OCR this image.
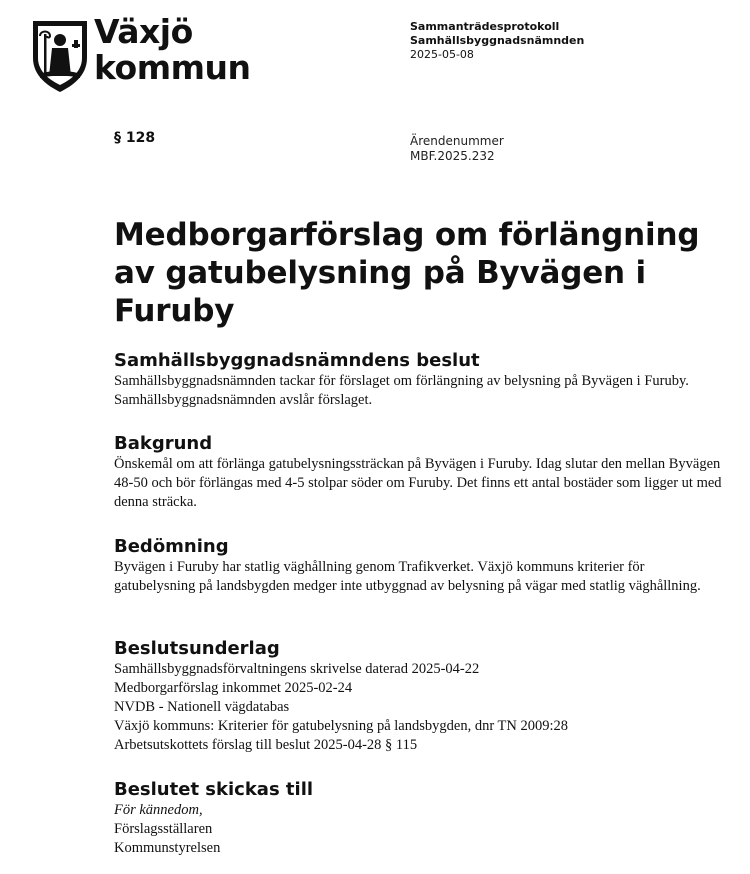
Växjö
kommun
Sammanträdesprotokoll
Samhällsbyggnadsnämnden
2025-05-08
§ 128	Ärendenummer
MBF.2025.232
Medborgarförslag om förlängning av gatubelysning på Byvägen i Furuby
Samhällsbyggnadsnämndens beslut

Samhällsbyggnadsnämnden tackar för förslaget om förlängning av belysning på Byvägen i Furuby. Samhällsbyggnadsnämnden avslår förslaget.

Bakgrund

Önskemål om att förlänga gatubelysningssträckan på Byvägen i Furuby. Idag slutar den mellan Byvägen 48-50 och bör förlängas med 4-5 stolpar söder om Furuby. Det finns ett antal bostäder som ligger ut med denna sträcka.

Bedömning

Byvägen i Furuby har statlig väghållning genom Trafikverket. Växjö kommuns kriterier för gatubelysning på landsbygden medger inte utbyggnad av belysning på vägar med statlig väghållning.

Beslutsunderlag
Samhällsbyggnadsförvaltningens skrivelse daterad 2025-04-22
Medborgarförslag inkommet 2025-02-24
NVDB - Nationell vägdatabas
Växjö kommuns: Kriterier för gatubelysning på landsbygden, dnr TN 2009:28
Arbetsutskottets förslag till beslut 2025-04-28 § 115
Beslutet skickas till
För kännedom,
Förslagsställaren
Kommunstyrelsen
